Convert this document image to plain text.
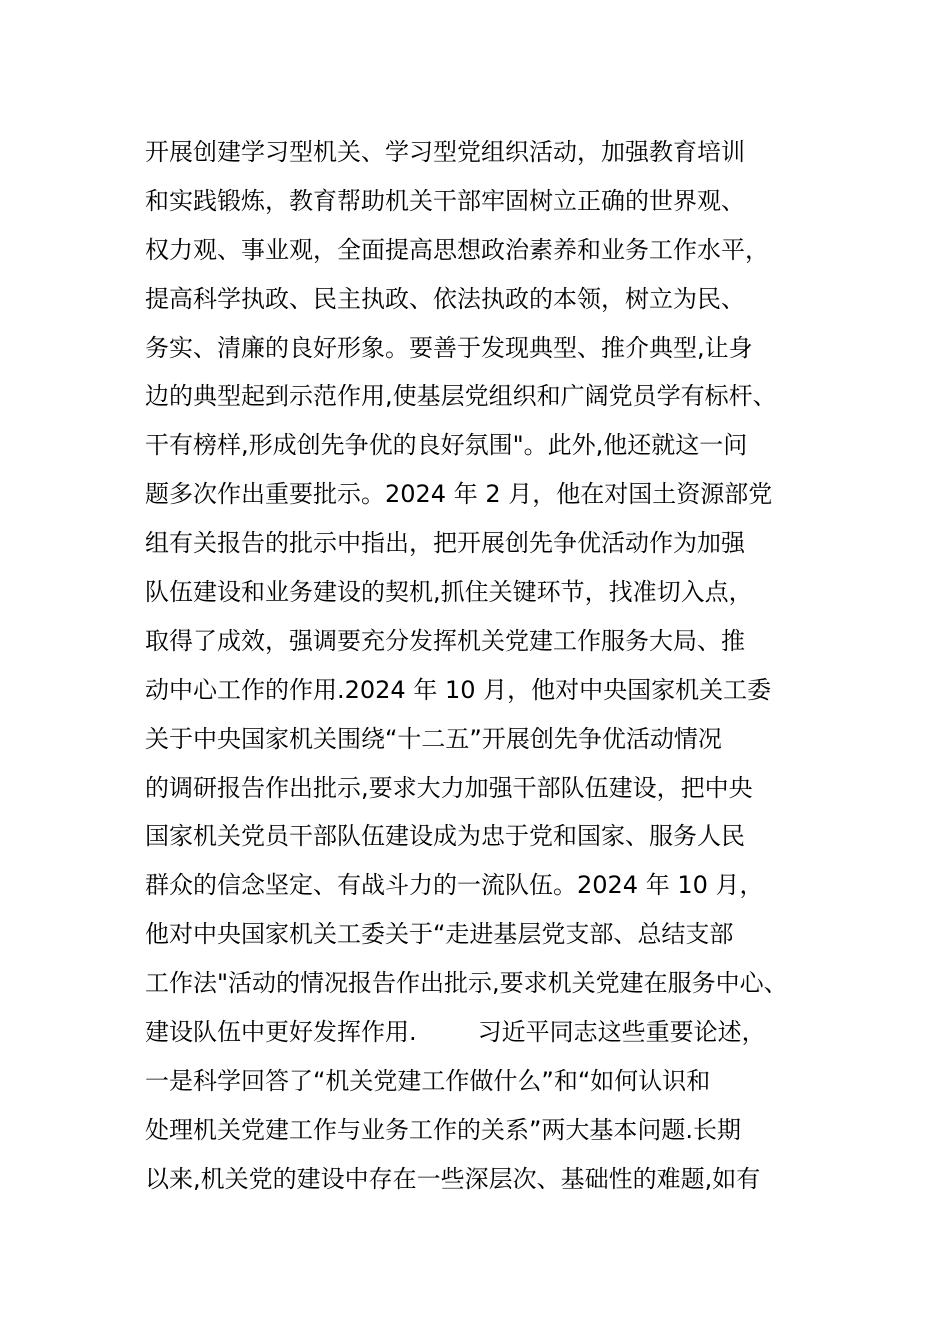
开展创建学习型机关、学习型党组织活动，加强教育培训
和实践锻炼，教育帮助机关干部牢固树立正确的世界观、
权力观、事业观，全面提高思想政治素养和业务工作水平，
提高科学执政、民主执政、依法执政的本领，树立为民、
务实、清廉的良好形象。要善于发现典型、推介典型,让身
边的典型起到示范作用,使基层党组织和广阔党员学有标杆、
干有榜样,形成创先争优的良好氛围"。此外,他还就这一问
题多次作出重要批示。2024 年 2 月，他在对国土资源部党
组有关报告的批示中指出，把开展创先争优活动作为加强
队伍建设和业务建设的契机,抓住关键环节，找准切入点，
取得了成效，强调要充分发挥机关党建工作服务大局、推
动中心工作的作用.2024 年 10 月，他对中央国家机关工委
关于中央国家机关围绕“十二五”开展创先争优活动情况
的调研报告作出批示,要求大力加强干部队伍建设，把中央
国家机关党员干部队伍建设成为忠于党和国家、服务人民
群众的信念坚定、有战斗力的一流队伍。2024 年 10 月，
他对中央国家机关工委关于“走进基层党支部、总结支部
工作法"活动的情况报告作出批示,要求机关党建在服务中心、
建设队伍中更好发挥作用.        习近平同志这些重要论述，
一是科学回答了“机关党建工作做什么”和“如何认识和
处理机关党建工作与业务工作的关系”两大基本问题.长期
以来,机关党的建设中存在一些深层次、基础性的难题,如有
